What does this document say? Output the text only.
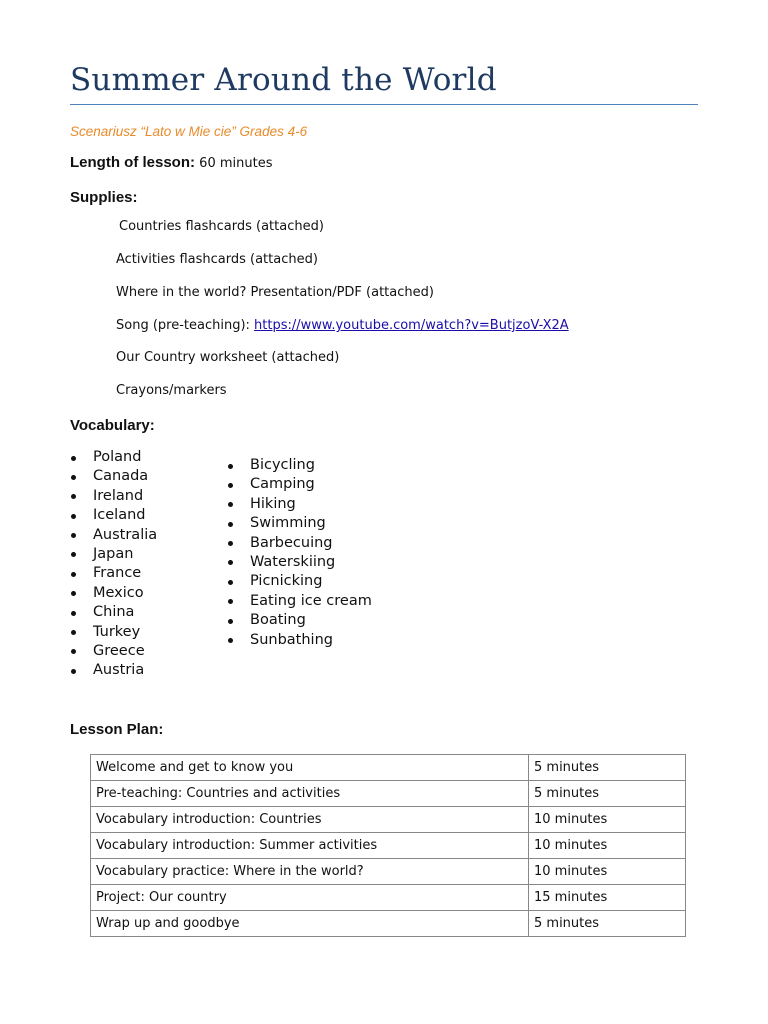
Summer Around the World
Scenariusz “Lato w Mie cie” Grades 4-6
Length of lesson: 60 minutes
Supplies:
Countries flashcards (attached)
Activities flashcards (attached)
Where in the world? Presentation/PDF (attached)
Song (pre-teaching): https://www.youtube.com/watch?v=ButjzoV-X2A
Our Country worksheet (attached)
Crayons/markers
Vocabulary:
Poland
Canada
Ireland
Iceland
Australia
Japan
France
Mexico
China
Turkey
Greece
Austria
Bicycling
Camping
Hiking
Swimming
Barbecuing
Waterskiing
Picnicking
Eating ice cream
Boating
Sunbathing
Lesson Plan:
Welcome and get to know you	5 minutes
Pre-teaching: Countries and activities	5 minutes
Vocabulary introduction: Countries	10 minutes
Vocabulary introduction: Summer activities	10 minutes
Vocabulary practice: Where in the world?	10 minutes
Project: Our country	15 minutes
Wrap up and goodbye	5 minutes
